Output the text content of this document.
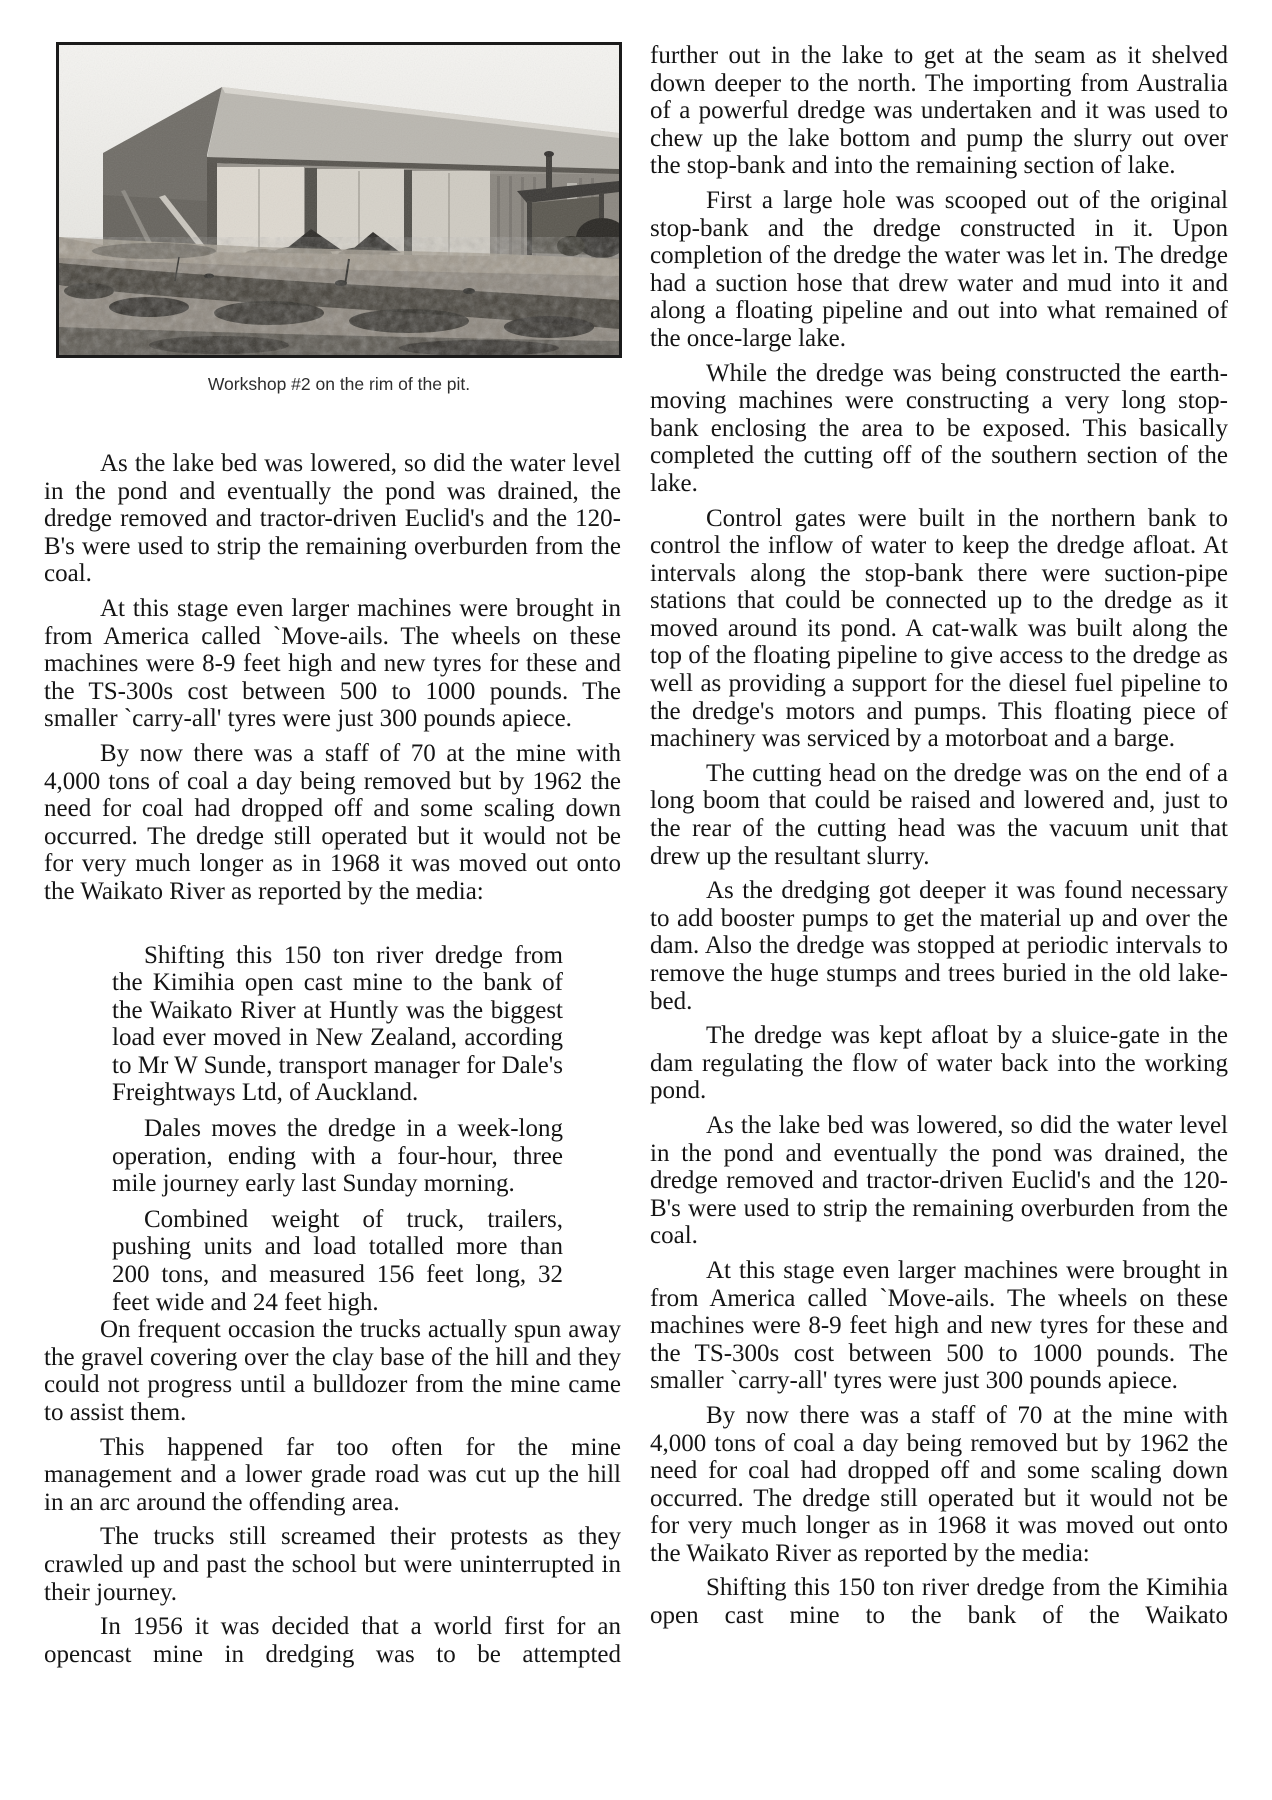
Workshop #2 on the rim of the pit.

As the lake bed was lowered, so did the water level in the pond and eventually the pond was drained, the dredge removed and tractor-driven Euclid's and the 120-B's were used to strip the remaining overburden from the coal.

At this stage even larger machines were brought in from America called `Move-ails. The wheels on these machines were 8-9 feet high and new tyres for these and the TS-300s cost between 500 to 1000 pounds. The smaller `carry-all' tyres were just 300 pounds apiece.

By now there was a staff of 70 at the mine with 4,000 tons of coal a day being removed but by 1962 the need for coal had dropped off and some scaling down occurred. The dredge still operated but it would not be for very much longer as in 1968 it was moved out onto the Waikato River as reported by the media:

Shifting this 150 ton river dredge from the Kimihia open cast mine to the bank of the Waikato River at Huntly was the biggest load ever moved in New Zealand, according to Mr W Sunde, transport manager for Dale's Freightways Ltd, of Auckland.

Dales moves the dredge in a week-long operation, ending with a four-hour, three mile journey early last Sunday morning.

Combined weight of truck, trailers, pushing units and load totalled more than 200 tons, and measured 156 feet long, 32 feet wide and 24 feet high.

On frequent occasion the trucks actually spun away the gravel covering over the clay base of the hill and they could not progress until a bulldozer from the mine came to assist them.

This happened far too often for the mine management and a lower grade road was cut up the hill in an arc around the offending area.

The trucks still screamed their protests as they crawled up and past the school but were uninterrupted in their journey.

In 1956 it was decided that a world first for an opencast mine in dredging was to be attempted

further out in the lake to get at the seam as it shelved down deeper to the north. The importing from Australia of a powerful dredge was undertaken and it was used to chew up the lake bottom and pump the slurry out over the stop-bank and into the remaining section of lake.

First a large hole was scooped out of the original stop-bank and the dredge constructed in it. Upon completion of the dredge the water was let in. The dredge had a suction hose that drew water and mud into it and along a floating pipeline and out into what remained of the once-large lake.

While the dredge was being constructed the earth-moving machines were constructing a very long stop-bank enclosing the area to be exposed. This basically completed the cutting off of the southern section of the lake.

Control gates were built in the northern bank to control the inflow of water to keep the dredge afloat. At intervals along the stop-bank there were suction-pipe stations that could be connected up to the dredge as it moved around its pond. A cat-walk was built along the top of the floating pipeline to give access to the dredge as well as providing a support for the diesel fuel pipeline to the dredge's motors and pumps. This floating piece of machinery was serviced by a motorboat and a barge.

The cutting head on the dredge was on the end of a long boom that could be raised and lowered and, just to the rear of the cutting head was the vacuum unit that drew up the resultant slurry.

As the dredging got deeper it was found necessary to add booster pumps to get the material up and over the dam. Also the dredge was stopped at periodic intervals to remove the huge stumps and trees buried in the old lake-bed.

The dredge was kept afloat by a sluice-gate in the dam regulating the flow of water back into the working pond.

As the lake bed was lowered, so did the water level in the pond and eventually the pond was drained, the dredge removed and tractor-driven Euclid's and the 120-B's were used to strip the remaining overburden from the coal.

At this stage even larger machines were brought in from America called `Move-ails. The wheels on these machines were 8-9 feet high and new tyres for these and the TS-300s cost between 500 to 1000 pounds. The smaller `carry-all' tyres were just 300 pounds apiece.

By now there was a staff of 70 at the mine with 4,000 tons of coal a day being removed but by 1962 the need for coal had dropped off and some scaling down occurred. The dredge still operated but it would not be for very much longer as in 1968 it was moved out onto the Waikato River as reported by the media:

Shifting this 150 ton river dredge from the Kimihia open cast mine to the bank of the Waikato
